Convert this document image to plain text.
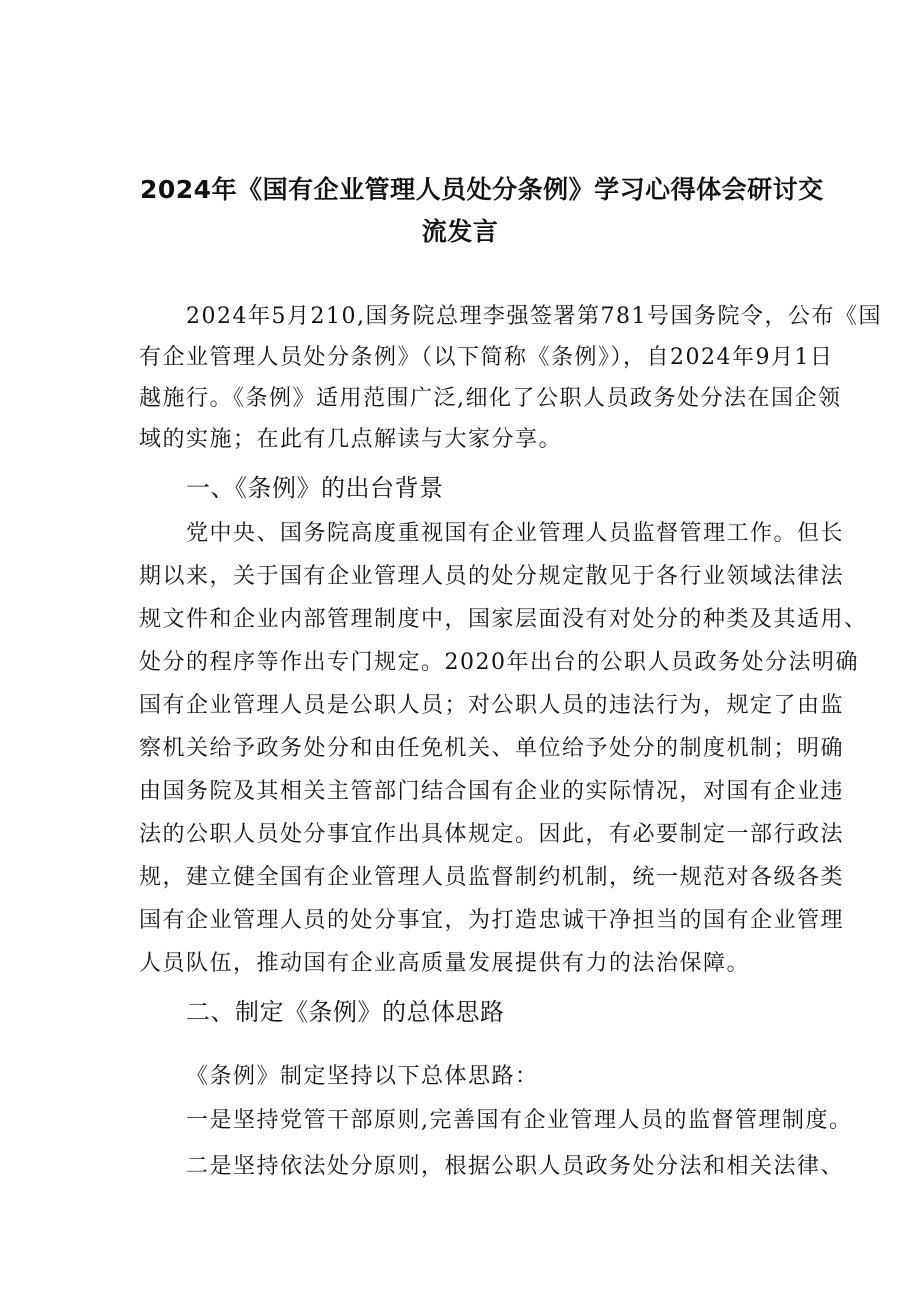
2024年《国有企业管理人员处分条例》学习心得体会研讨交
流发言
2024年5月210,国务院总理李强签署第781号国务院令，公布《国
有企业管理人员处分条例》（以下简称《条例》），自2024年9月1日
越施行。《条例》适用范围广泛,细化了公职人员政务处分法在国企领
域的实施；在此有几点解读与大家分享。
一、《条例》的出台背景
党中央、国务院高度重视国有企业管理人员监督管理工作。但长
期以来，关于国有企业管理人员的处分规定散见于各行业领域法律法
规文件和企业内部管理制度中，国家层面没有对处分的种类及其适用、
处分的程序等作出专门规定。2020年出台的公职人员政务处分法明确
国有企业管理人员是公职人员；对公职人员的违法行为，规定了由监
察机关给予政务处分和由任免机关、单位给予处分的制度机制；明确
由国务院及其相关主管部门结合国有企业的实际情况，对国有企业违
法的公职人员处分事宜作出具体规定。因此，有必要制定一部行政法
规，建立健全国有企业管理人员监督制约机制，统一规范对各级各类
国有企业管理人员的处分事宜，为打造忠诚干净担当的国有企业管理
人员队伍，推动国有企业高质量发展提供有力的法治保障。
二、制定《条例》的总体思路
《条例》制定坚持以下总体思路：
一是坚持党管干部原则,完善国有企业管理人员的监督管理制度。
二是坚持依法处分原则，根据公职人员政务处分法和相关法律、
